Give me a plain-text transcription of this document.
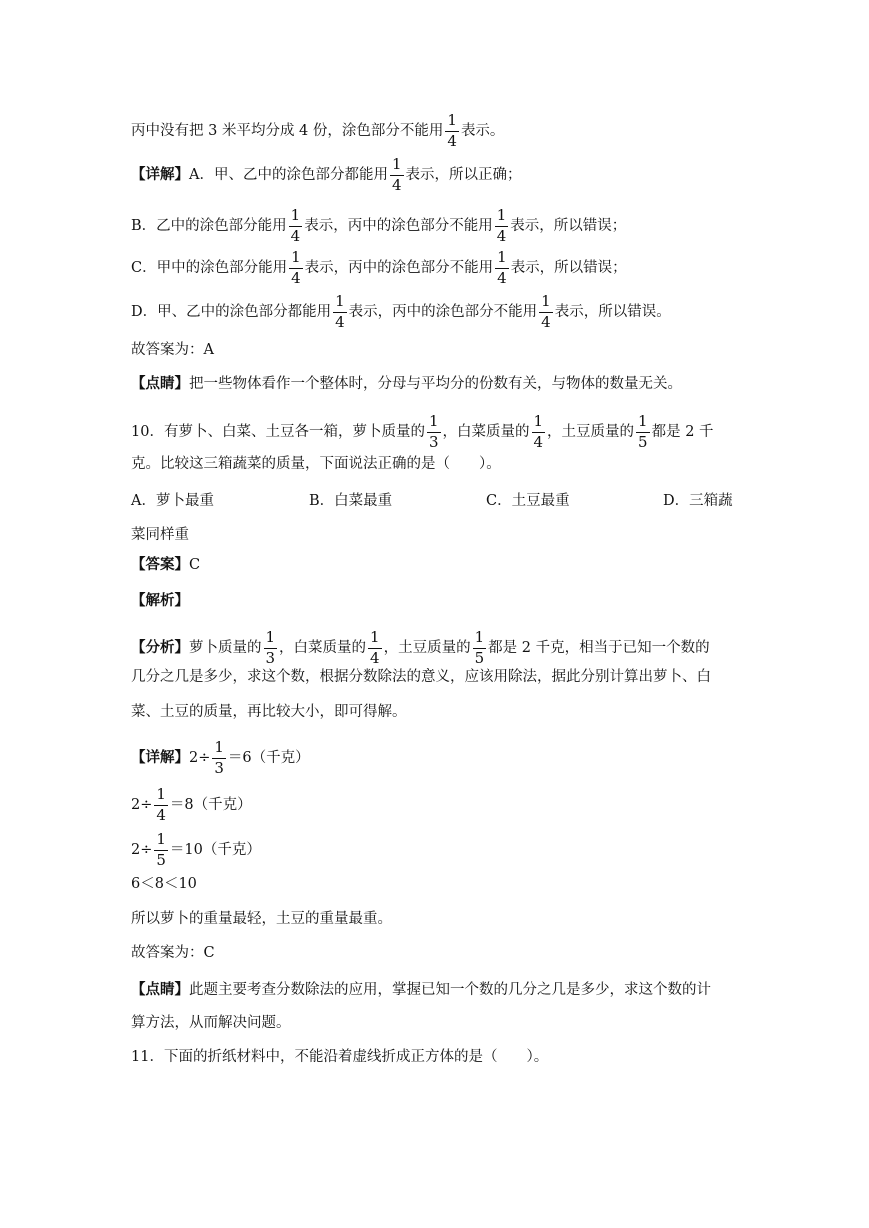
丙中没有把 3 米平均分成 4 份，涂色部分不能用 $\frac{1}{4}$ 表示。
【详解】A．甲、乙中的涂色部分都能用 $\frac{1}{4}$ 表示，所以正确；
B．乙中的涂色部分能用 $\frac{1}{4}$ 表示，丙中的涂色部分不能用 $\frac{1}{4}$ 表示，所以错误；
C．甲中的涂色部分能用 $\frac{1}{4}$ 表示，丙中的涂色部分不能用 $\frac{1}{4}$ 表示，所以错误；
D．甲、乙中的涂色部分都能用 $\frac{1}{4}$ 表示，丙中的涂色部分不能用 $\frac{1}{4}$ 表示，所以错误。
故答案为：A
【点睛】把一些物体看作一个整体时，分母与平均分的份数有关，与物体的数量无关。
10．有萝卜、白菜、土豆各一箱，萝卜质量的 $\frac{1}{3}$ ，白菜质量的 $\frac{1}{4}$ ，土豆质量的 $\frac{1}{5}$ 都是 2 千
克。比较这三箱蔬菜的质量，下面说法正确的是（　　）。
菜同样重
【答案】C
【解析】
【分析】萝卜质量的 $\frac{1}{3}$ ，白菜质量的 $\frac{1}{4}$ ，土豆质量的 $\frac{1}{5}$ 都是 2 千克，相当于已知一个数的
几分之几是多少，求这个数，根据分数除法的意义，应该用除法，据此分别计算出萝卜、白
菜、土豆的质量，再比较大小，即可得解。
【详解】$2\div \frac{1}{3} =6$（千克）
$2\div \frac{1}{4} =8$（千克）
$2\div \frac{1}{5} =10$（千克）
6＜8＜10
所以萝卜的重量最轻，土豆的重量最重。
故答案为：C
【点睛】此题主要考查分数除法的应用，掌握已知一个数的几分之几是多少，求这个数的计
算方法，从而解决问题。
11．下面的折纸材料中，不能沿着虚线折成正方体的是（　　）。
A．萝卜最重	B．白菜最重	C．土豆最重	D．三箱蔬
